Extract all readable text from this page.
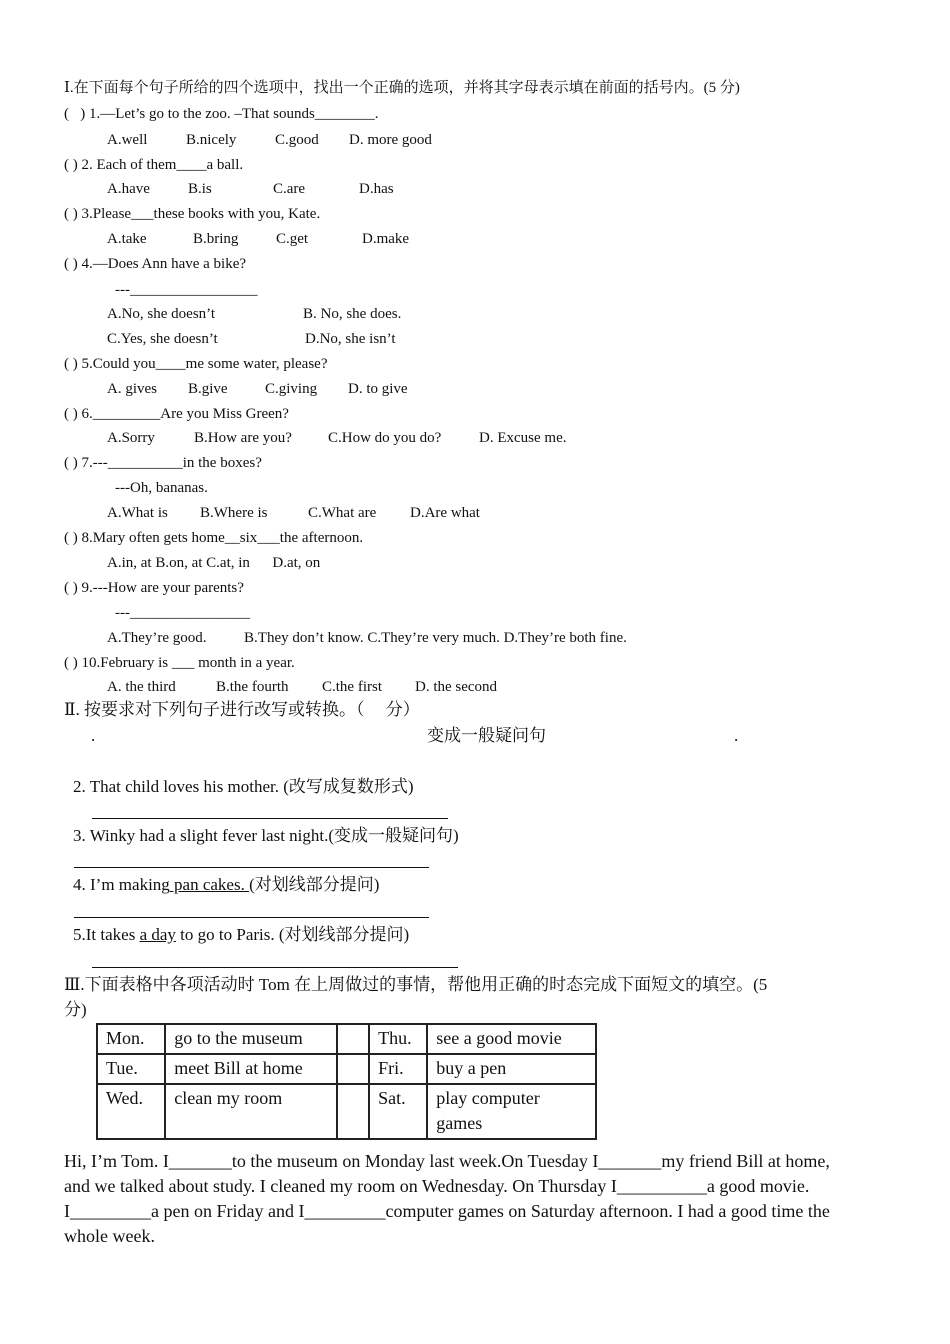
Ⅰ.在下面每个句子所给的四个选项中，找出一个正确的选项，并将其字母表示填在前面的括号内。(5 分)
(   ) 1.—Let’s go to the zoo. –That sounds________.
A.well	B.nicely	C.good D. more good
( ) 2. Each of them____a ball.
A.have	B.is	C.are	D.has
( ) 3.Please___these books with you, Kate.
A.take	B.bring	C.get	D.make
( ) 4.—Does Ann have a bike?
---_________________
A.No, she doesn’t	B. No, she does.
C.Yes, she doesn’t	D.No, she isn’t
( ) 5.Could you____me some water, please?
A. gives B.give C.giving D. to give
( ) 6._________Are you Miss Green?
A.Sorry	B.How are you? C.How do you do?	D. Excuse me.
( ) 7.---__________in the boxes?
---Oh, bananas.
A.What is B.Where is	C.What are D.Are what
( ) 8.Mary often gets home__six___the afternoon.
A.in, at B.on, at C.at, in      D.at, on
( ) 9.---How are your parents?
---________________
A.They’re good.          B.They don’t know. C.They’re very much. D.They’re both fine.
( ) 10.February is ___ month in a year.
A. the third	B.the fourth C.the first D. the second
Ⅱ. 按要求对下列句子进行改写或转换。（     分）
.	变成一般疑问句	.
2. That child loves his mother. (改写成复数形式)
3. Winky had a slight fever last night.(变成一般疑问句)
4. I’m making pan cakes. (对划线部分提问)
5.It takes a day to go to Paris. (对划线部分提问)
Ⅲ.下面表格中各项活动时 Tom 在上周做过的事情，帮他用正确的时态完成下面短文的填空。(5
分)
Mon.	go to the museum		Thu.	see a good movie
Tue.	meet Bill at home		Fri.	buy a pen
Wed.	clean my room		Sat.	play computer games
Hi, I’m Tom. I_______to the museum on Monday last week.On Tuesday I_______my friend Bill at home,
and we talked about study. I cleaned my room on Wednesday. On Thursday I__________a good movie.
I_________a pen on Friday and I_________computer games on Saturday afternoon. I had a good time the
whole week.
